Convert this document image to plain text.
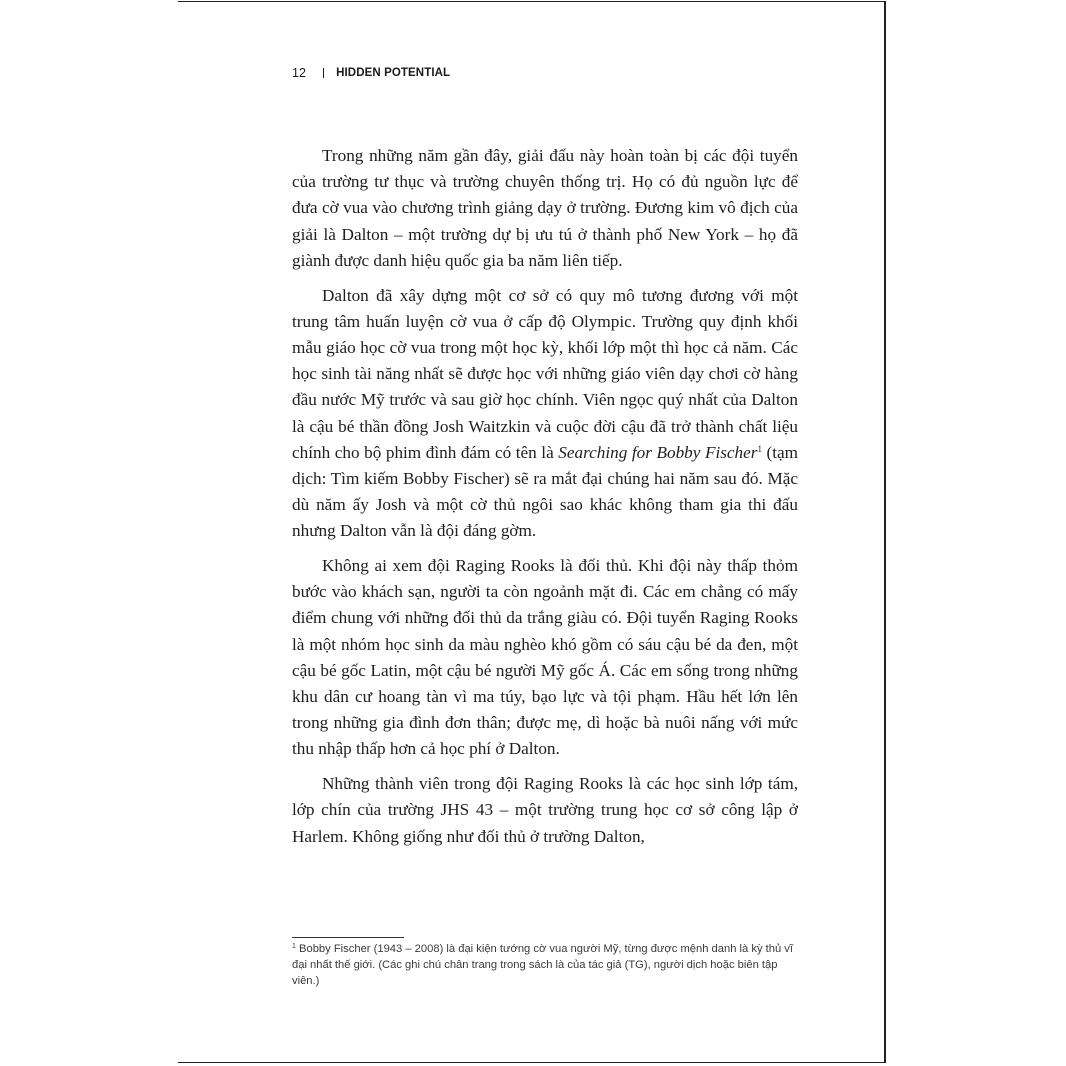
12	HIDDEN POTENTIAL

Trong những năm gần đây, giải đấu này hoàn toàn bị các đội tuyển của trường tư thục và trường chuyên thống trị. Họ có đủ nguồn lực để đưa cờ vua vào chương trình giảng dạy ở trường. Đương kim vô địch của giải là Dalton – một trường dự bị ưu tú ở thành phố New York – họ đã giành được danh hiệu quốc gia ba năm liên tiếp.

Dalton đã xây dựng một cơ sở có quy mô tương đương với một trung tâm huấn luyện cờ vua ở cấp độ Olympic. Trường quy định khối mẫu giáo học cờ vua trong một học kỳ, khối lớp một thì học cả năm. Các học sinh tài năng nhất sẽ được học với những giáo viên dạy chơi cờ hàng đầu nước Mỹ trước và sau giờ học chính. Viên ngọc quý nhất của Dalton là cậu bé thần đồng Josh Waitzkin và cuộc đời cậu đã trở thành chất liệu chính cho bộ phim đình đám có tên là Searching for Bobby Fischer$^1$ (tạm dịch: Tìm kiếm Bobby Fischer) sẽ ra mắt đại chúng hai năm sau đó. Mặc dù năm ấy Josh và một cờ thủ ngôi sao khác không tham gia thi đấu nhưng Dalton vẫn là đội đáng gờm.

Không ai xem đội Raging Rooks là đối thủ. Khi đội này thấp thỏm bước vào khách sạn, người ta còn ngoảnh mặt đi. Các em chẳng có mấy điểm chung với những đối thủ da trắng giàu có. Đội tuyển Raging Rooks là một nhóm học sinh da màu nghèo khó gồm có sáu cậu bé da đen, một cậu bé gốc Latin, một cậu bé người Mỹ gốc Á. Các em sống trong những khu dân cư hoang tàn vì ma túy, bạo lực và tội phạm. Hầu hết lớn lên trong những gia đình đơn thân; được mẹ, dì hoặc bà nuôi nấng với mức thu nhập thấp hơn cả học phí ở Dalton.

Những thành viên trong đội Raging Rooks là các học sinh lớp tám, lớp chín của trường JHS 43 – một trường trung học cơ sở công lập ở Harlem. Không giống như đối thủ ở trường Dalton,

$^1$ Bobby Fischer (1943 – 2008) là đại kiện tướng cờ vua người Mỹ, từng được mệnh danh là kỳ thủ vĩ đại nhất thế giới. (Các ghi chú chân trang trong sách là của tác giả (TG), người dịch hoặc biên tập viên.)
